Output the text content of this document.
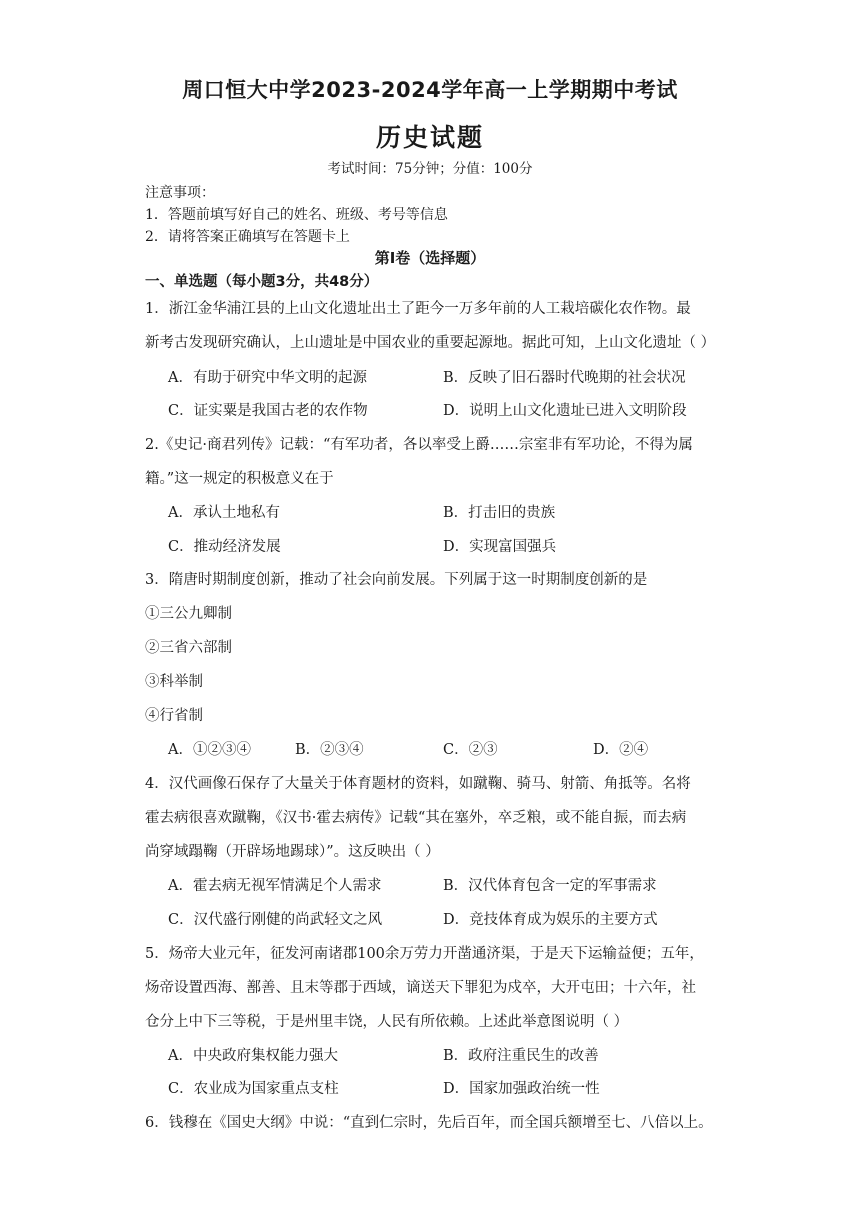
周口恒大中学2023-2024学年高一上学期期中考试
历史试题
考试时间：75分钟；分值：100分
注意事项：
1．答题前填写好自己的姓名、班级、考号等信息
2．请将答案正确填写在答题卡上
第Ⅰ卷（选择题）
一、单选题（每小题3分，共48分）
1．浙江金华浦江县的上山文化遗址出土了距今一万多年前的人工栽培碳化农作物。最
新考古发现研究确认，上山遗址是中国农业的重要起源地。据此可知，上山文化遗址（ ）
A．有助于研究中华文明的起源	B．反映了旧石器时代晚期的社会状况
C．证实粟是我国古老的农作物	D．说明上山文化遗址已进入文明阶段
2.《史记·商君列传》记载：“有军功者，各以率受上爵……宗室非有军功论，不得为属
籍。”这一规定的积极意义在于
A．承认土地私有	B．打击旧的贵族
C．推动经济发展	D．实现富国强兵
3．隋唐时期制度创新，推动了社会向前发展。下列属于这一时期制度创新的是
①三公九卿制
②三省六部制
③科举制
④行省制
A．①②③④	B．②③④	C．②③	D．②④
4．汉代画像石保存了大量关于体育题材的资料，如蹴鞠、骑马、射箭、角抵等。名将
霍去病很喜欢蹴鞠，《汉书·霍去病传》记载“其在塞外，卒乏粮，或不能自振，而去病
尚穿域蹋鞠（开辟场地踢球）”。这反映出（ ）
A．霍去病无视军情满足个人需求	B．汉代体育包含一定的军事需求
C．汉代盛行刚健的尚武轻文之风	D．竞技体育成为娱乐的主要方式
5．炀帝大业元年，征发河南诸郡100余万劳力开凿通济渠，于是天下运输益便；五年，
炀帝设置西海、鄯善、且末等郡于西域，谪送天下罪犯为戍卒，大开屯田；十六年，社
仓分上中下三等税，于是州里丰饶，人民有所依赖。上述此举意图说明（ ）
A．中央政府集权能力强大	B．政府注重民生的改善
C．农业成为国家重点支柱	D．国家加强政治统一性
6．钱穆在《国史大纲》中说：“直到仁宗时，先后百年，而全国兵额增至七、八倍以上。
